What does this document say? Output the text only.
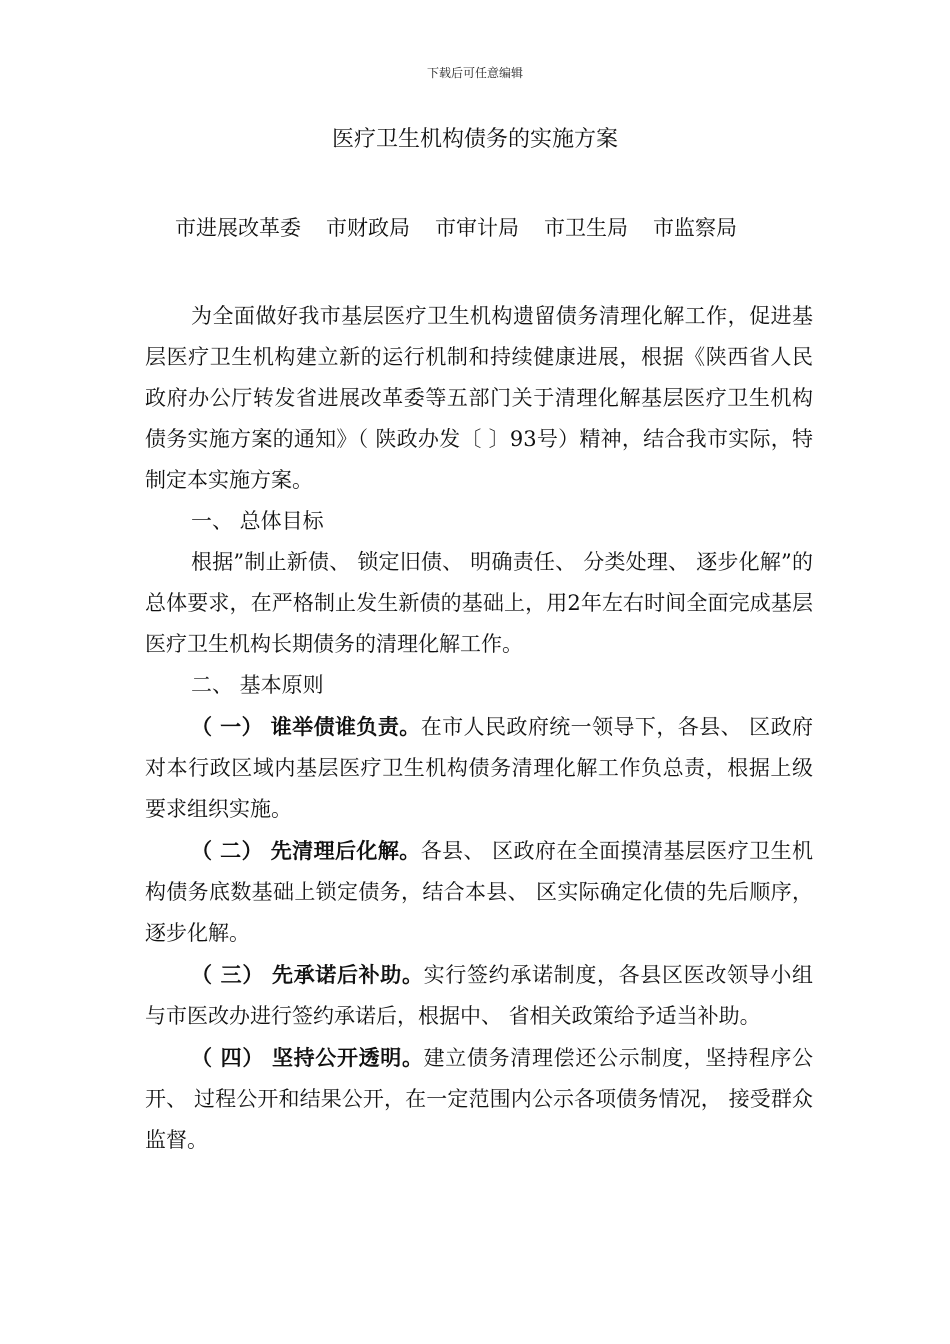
下载后可任意编辑
医疗卫生机构债务的实施方案
市进展改革委 市财政局 市审计局 市卫生局 市监察局

为全面做好我市基层医疗卫生机构遗留债务清理化解工作，促进基层医疗卫生机构建立新的运行机制和持续健康进展，根据《陕西省人民政府办公厅转发省进展改革委等五部门关于清理化解基层医疗卫生机构债务实施方案的通知》（ 陕政办发〔 〕93号）精神，结合我市实际，特制定本实施方案。

一、 总体目标

根据”制止新债、 锁定旧债、 明确责任、 分类处理、 逐步化解”的总体要求，在严格制止发生新债的基础上，用2年左右时间全面完成基层医疗卫生机构长期债务的清理化解工作。

二、 基本原则

（ 一） 谁举债谁负责。在市人民政府统一领导下，各县、 区政府对本行政区域内基层医疗卫生机构债务清理化解工作负总责，根据上级要求组织实施。

（ 二） 先清理后化解。各县、 区政府在全面摸清基层医疗卫生机构债务底数基础上锁定债务，结合本县、 区实际确定化债的先后顺序，逐步化解。

（ 三） 先承诺后补助。实行签约承诺制度，各县区医改领导小组与市医改办进行签约承诺后，根据中、 省相关政策给予适当补助。

（ 四） 坚持公开透明。建立债务清理偿还公示制度，坚持程序公开、 过程公开和结果公开，在一定范围内公示各项债务情况， 接受群众监督。
